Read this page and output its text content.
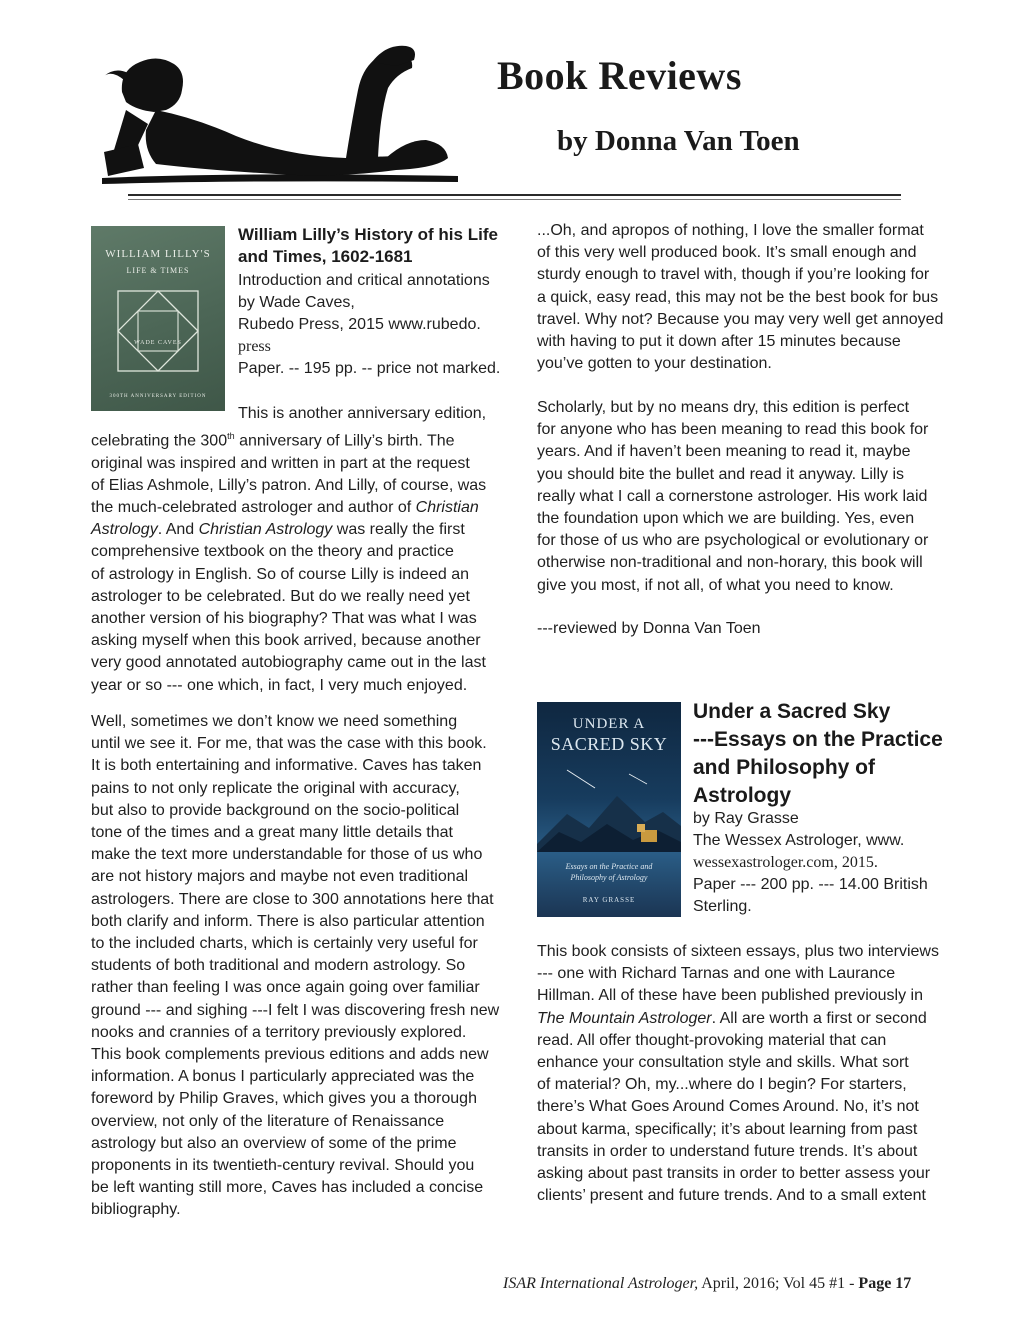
Book Reviews
by Donna Van Toen
WILLIAM LILLY'S
LIFE & TIMES
WADE CAVES
300TH ANNIVERSARY EDITION
William Lilly’s History of his Life
and Times, 1602-1681
Introduction and critical annotations
by Wade Caves,
Rubedo Press, 2015 www.rubedo.
press
Paper. -- 195 pp. -- price not marked.
This is another anniversary edition,

celebrating the 300th anniversary of Lilly’s birth. The
original was inspired and written in part at the request
of Elias Ashmole, Lilly’s patron. And Lilly, of course, was
the much-celebrated astrologer and author of Christian
Astrology. And Christian Astrology was really the first
comprehensive textbook on the theory and practice
of astrology in English. So of course Lilly is indeed an
astrologer to be celebrated. But do we really need yet
another version of his biography? That was what I was
asking myself when this book arrived, because another
very good annotated autobiography came out in the last
year or so --- one which, in fact, I very much enjoyed.

Well, sometimes we don’t know we need something
until we see it. For me, that was the case with this book.
It is both entertaining and informative. Caves has taken
pains to not only replicate the original with accuracy,
but also to provide background on the socio-political
tone of the times and a great many little details that
make the text more understandable for those of us who
are not history majors and maybe not even traditional
astrologers. There are close to 300 annotations here that
both clarify and inform. There is also particular attention
to the included charts, which is certainly very useful for
students of both traditional and modern astrology. So
rather than feeling I was once again going over familiar
ground --- and sighing ---I felt I was discovering fresh new
nooks and crannies of a territory previously explored.
This book complements previous editions and adds new
information. A bonus I particularly appreciated was the
foreword by Philip Graves, which gives you a thorough
overview, not only of the literature of Renaissance
astrology but also an overview of some of the prime
proponents in its twentieth-century revival. Should you
be left wanting still more, Caves has included a concise
bibliography.

...Oh, and apropos of nothing, I love the smaller format
of this very well produced book. It’s small enough and
sturdy enough to travel with, though if you’re looking for
a quick, easy read, this may not be the best book for bus
travel. Why not? Because you may very well get annoyed
with having to put it down after 15 minutes because
you’ve gotten to your destination.

Scholarly, but by no means dry, this edition is perfect
for anyone who has been meaning to read this book for
years. And if haven’t been meaning to read it, maybe
you should bite the bullet and read it anyway. Lilly is
really what I call a cornerstone astrologer. His work laid
the foundation upon which we are building. Yes, even
for those of us who are psychological or evolutionary or
otherwise non-traditional and non-horary, this book will
give you most, if not all, of what you need to know.

---reviewed by Donna Van Toen
UNDER A
SACRED SKY
Essays on the Practice and
Philosophy of Astrology
RAY GRASSE
Under a Sacred Sky
---Essays on the Practice
and Philosophy of
Astrology
by Ray Grasse
The Wessex Astrologer, www.
wessexastrologer.com, 2015.
Paper --- 200 pp. --- 14.00 British
Sterling.

This book consists of sixteen essays, plus two interviews
--- one with Richard Tarnas and one with Laurance
Hillman. All of these have been published previously in
The Mountain Astrologer. All are worth a first or second
read. All offer thought-provoking material that can
enhance your consultation style and skills. What sort
of material? Oh, my...where do I begin? For starters,
there’s What Goes Around Comes Around. No, it’s not
about karma, specifically; it’s about learning from past
transits in order to understand future trends. It’s about
asking about past transits in order to better assess your
clients’ present and future trends. And to a small extent

ISAR International Astrologer, April, 2016; Vol 45 #1 - Page 17
